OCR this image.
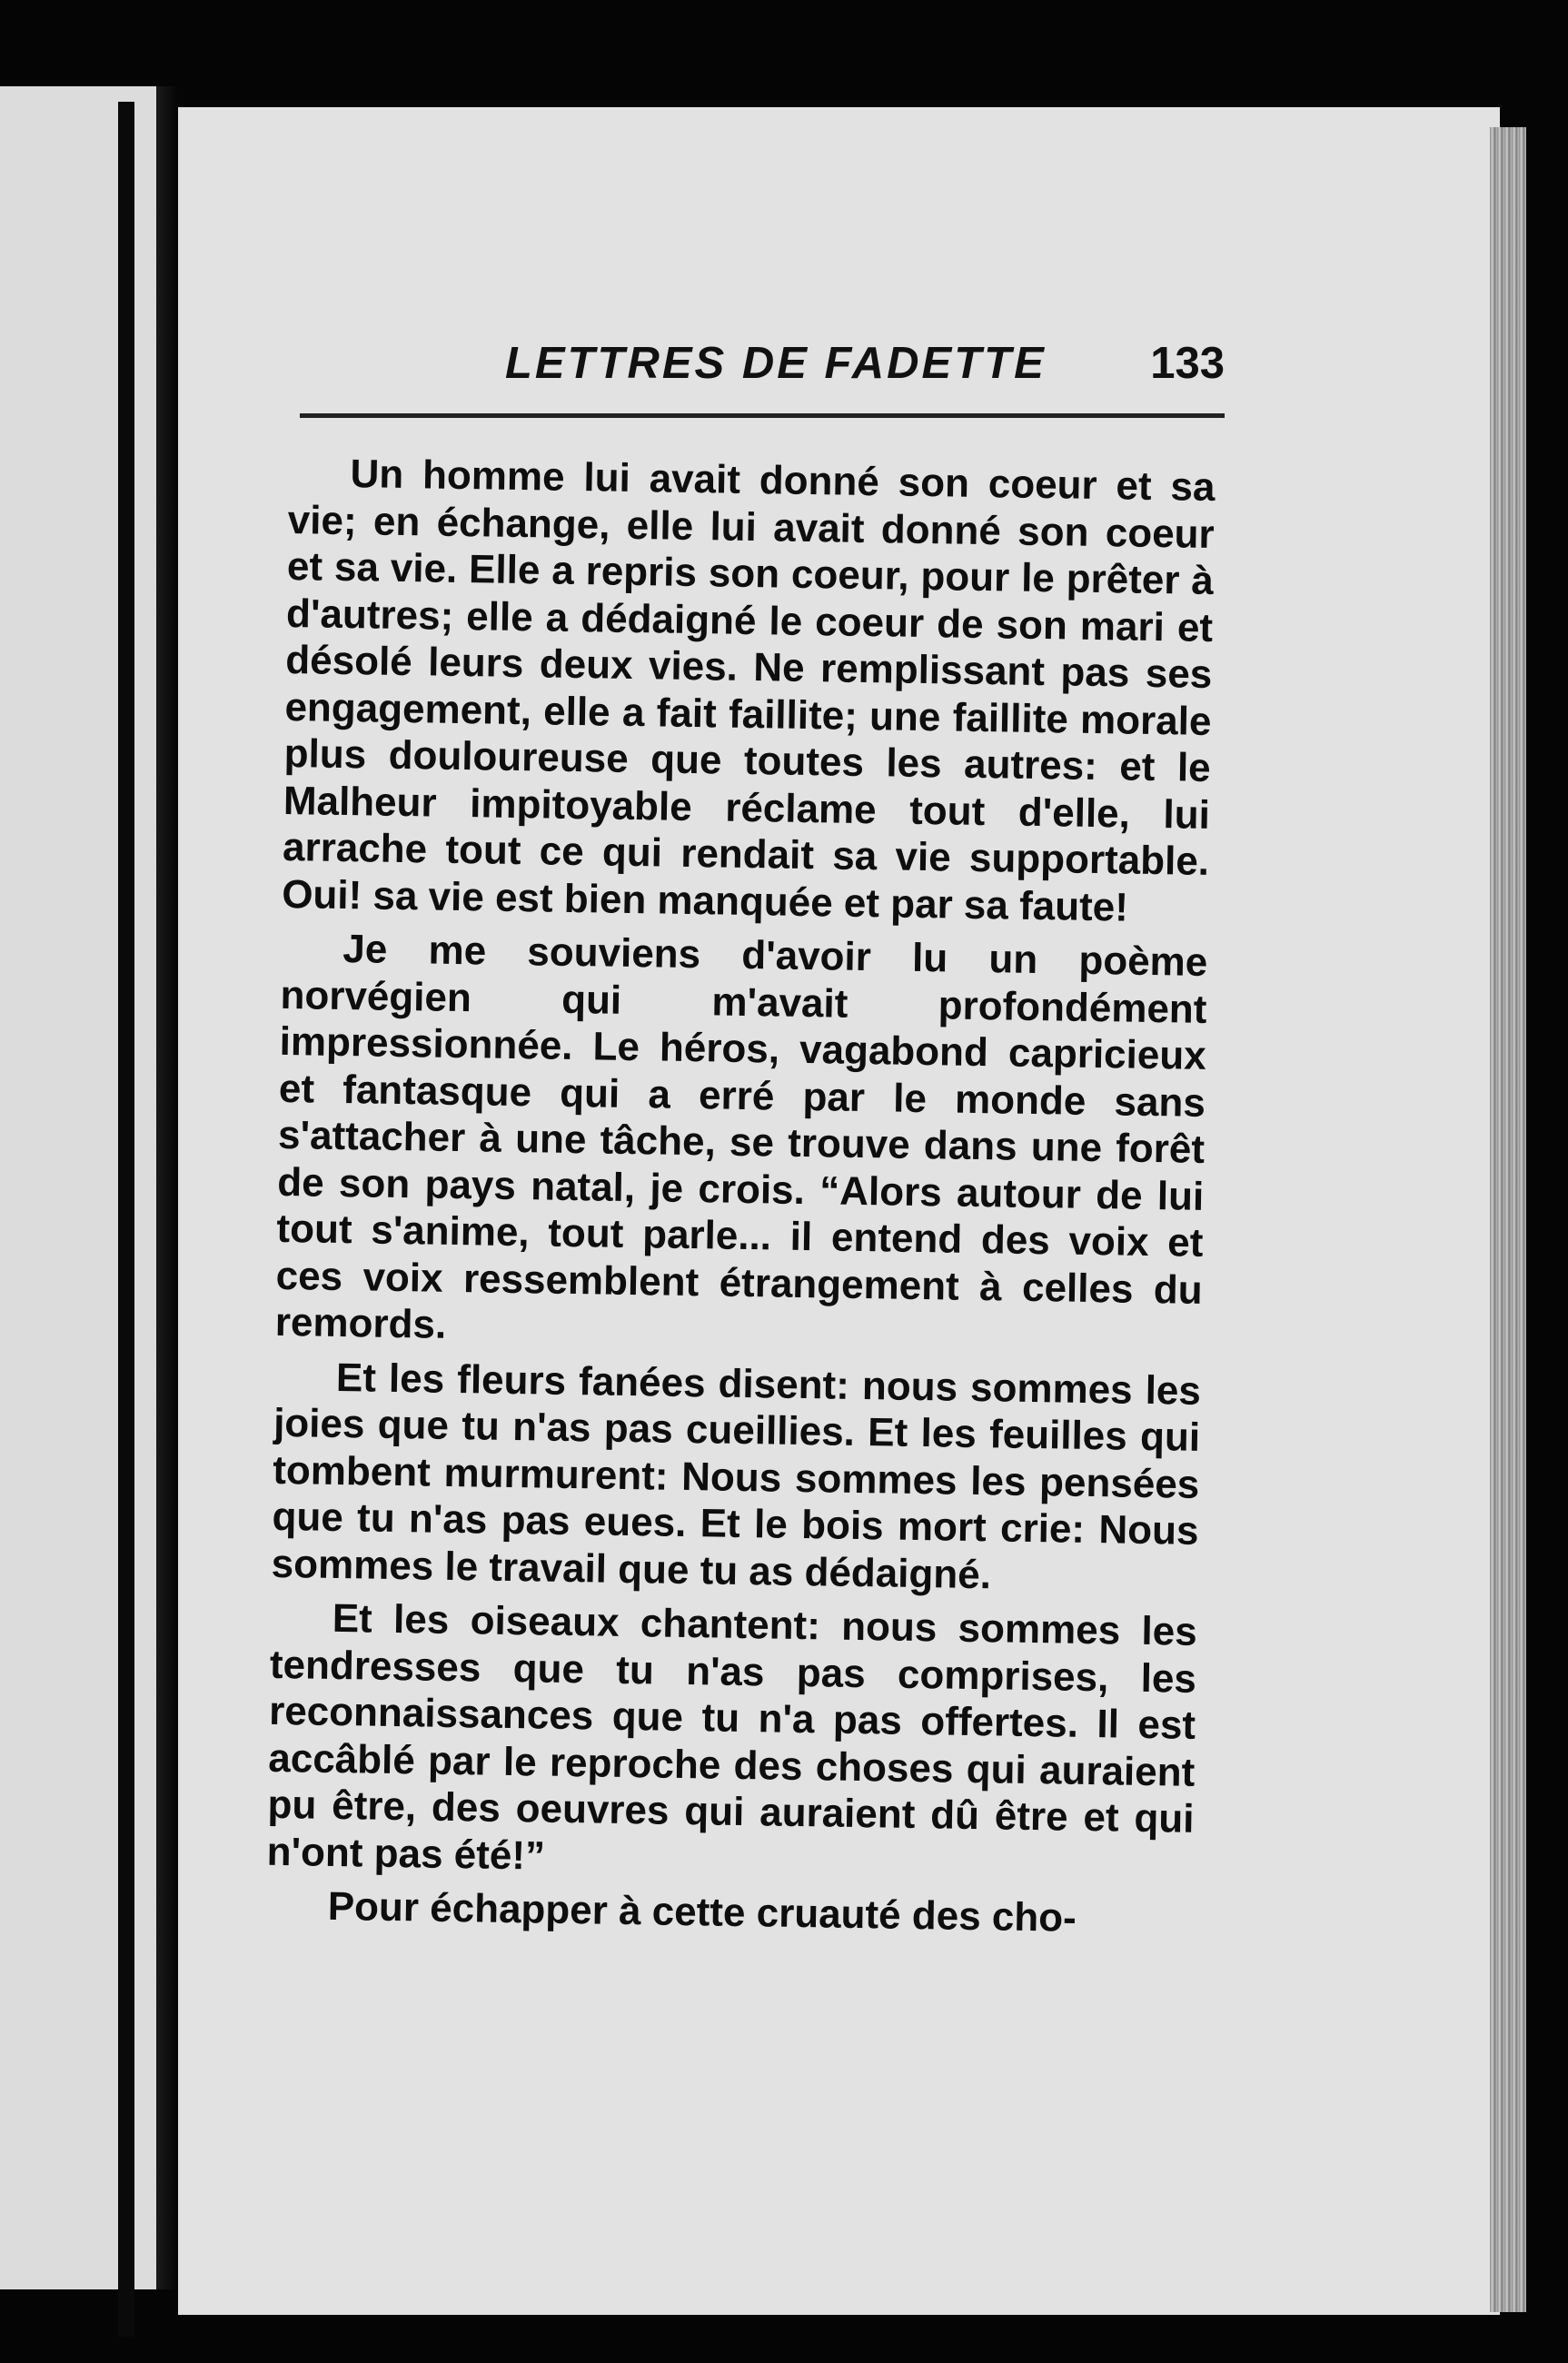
LETTRES DE FADETTE 133

Un homme lui avait donné son coeur et sa vie; en échange, elle lui avait donné son coeur et sa vie. Elle a repris son coeur, pour le prêter à d'autres; elle a dédaigné le coeur de son mari et désolé leurs deux vies. Ne remplissant pas ses engagement, elle a fait faillite; une faillite morale plus douloureuse que toutes les autres: et le Malheur impitoyable réclame tout d'elle, lui arrache tout ce qui rendait sa vie supportable. Oui! sa vie est bien manquée et par sa faute!

Je me souviens d'avoir lu un poème norvégien qui m'avait profondément impressionnée. Le héros, vagabond capricieux et fantasque qui a erré par le monde sans s'attacher à une tâche, se trouve dans une forêt de son pays natal, je crois. “Alors autour de lui tout s'anime, tout parle... il entend des voix et ces voix ressemblent étrangement à celles du remords.

Et les fleurs fanées disent: nous sommes les joies que tu n'as pas cueillies. Et les feuilles qui tombent murmurent: Nous sommes les pensées que tu n'as pas eues. Et le bois mort crie: Nous sommes le travail que tu as dédaigné.

Et les oiseaux chantent: nous sommes les tendresses que tu n'as pas comprises, les reconnaissances que tu n'a pas offertes. Il est accâblé par le reproche des choses qui auraient pu être, des oeuvres qui auraient dû être et qui n'ont pas été!”

Pour échapper à cette cruauté des cho-
